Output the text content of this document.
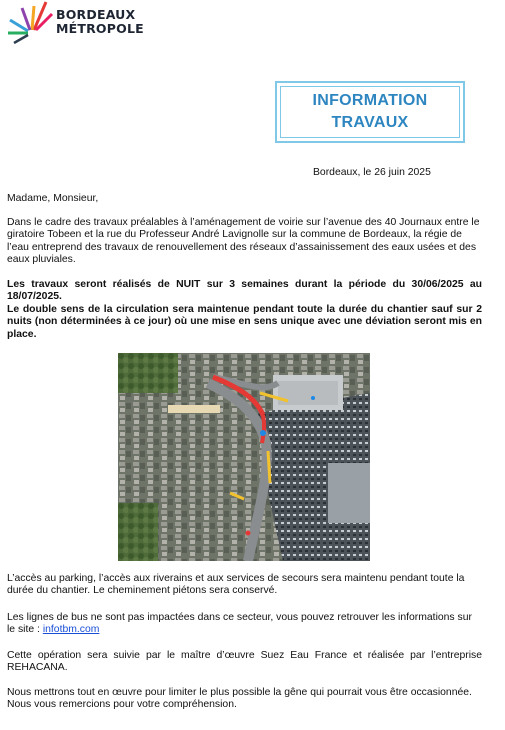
BORDEAUX
MÉTROPOLE
INFORMATION
TRAVAUX
Bordeaux, le 26 juin 2025

Madame, Monsieur,

Dans le cadre des travaux préalables à l’aménagement de voirie sur l’avenue des 40 Journaux entre le giratoire Tobeen et la rue du Professeur André Lavignolle sur la commune de Bordeaux, la régie de l’eau entreprend des travaux de renouvellement des réseaux d’assainissement des eaux usées et des eaux pluviales.

Les travaux seront réalisés de NUIT sur 3 semaines durant la période du 30/06/2025 au 18/07/2025.

Le double sens de la circulation sera maintenue pendant toute la durée du chantier sauf sur 2 nuits (non déterminées à ce jour) où une mise en sens unique avec une déviation seront mis en place.

L’accès au parking, l’accès aux riverains et aux services de secours sera maintenu pendant toute la durée du chantier. Le cheminement piétons sera conservé.

Les lignes de bus ne sont pas impactées dans ce secteur, vous pouvez retrouver les informations sur le site : infotbm.com

Cette opération sera suivie par le maître d’œuvre Suez Eau France et réalisée par l’entreprise REHACANA.

Nous mettrons tout en œuvre pour limiter le plus possible la gêne qui pourrait vous être occasionnée.

Nous vous remercions pour votre compréhension.
